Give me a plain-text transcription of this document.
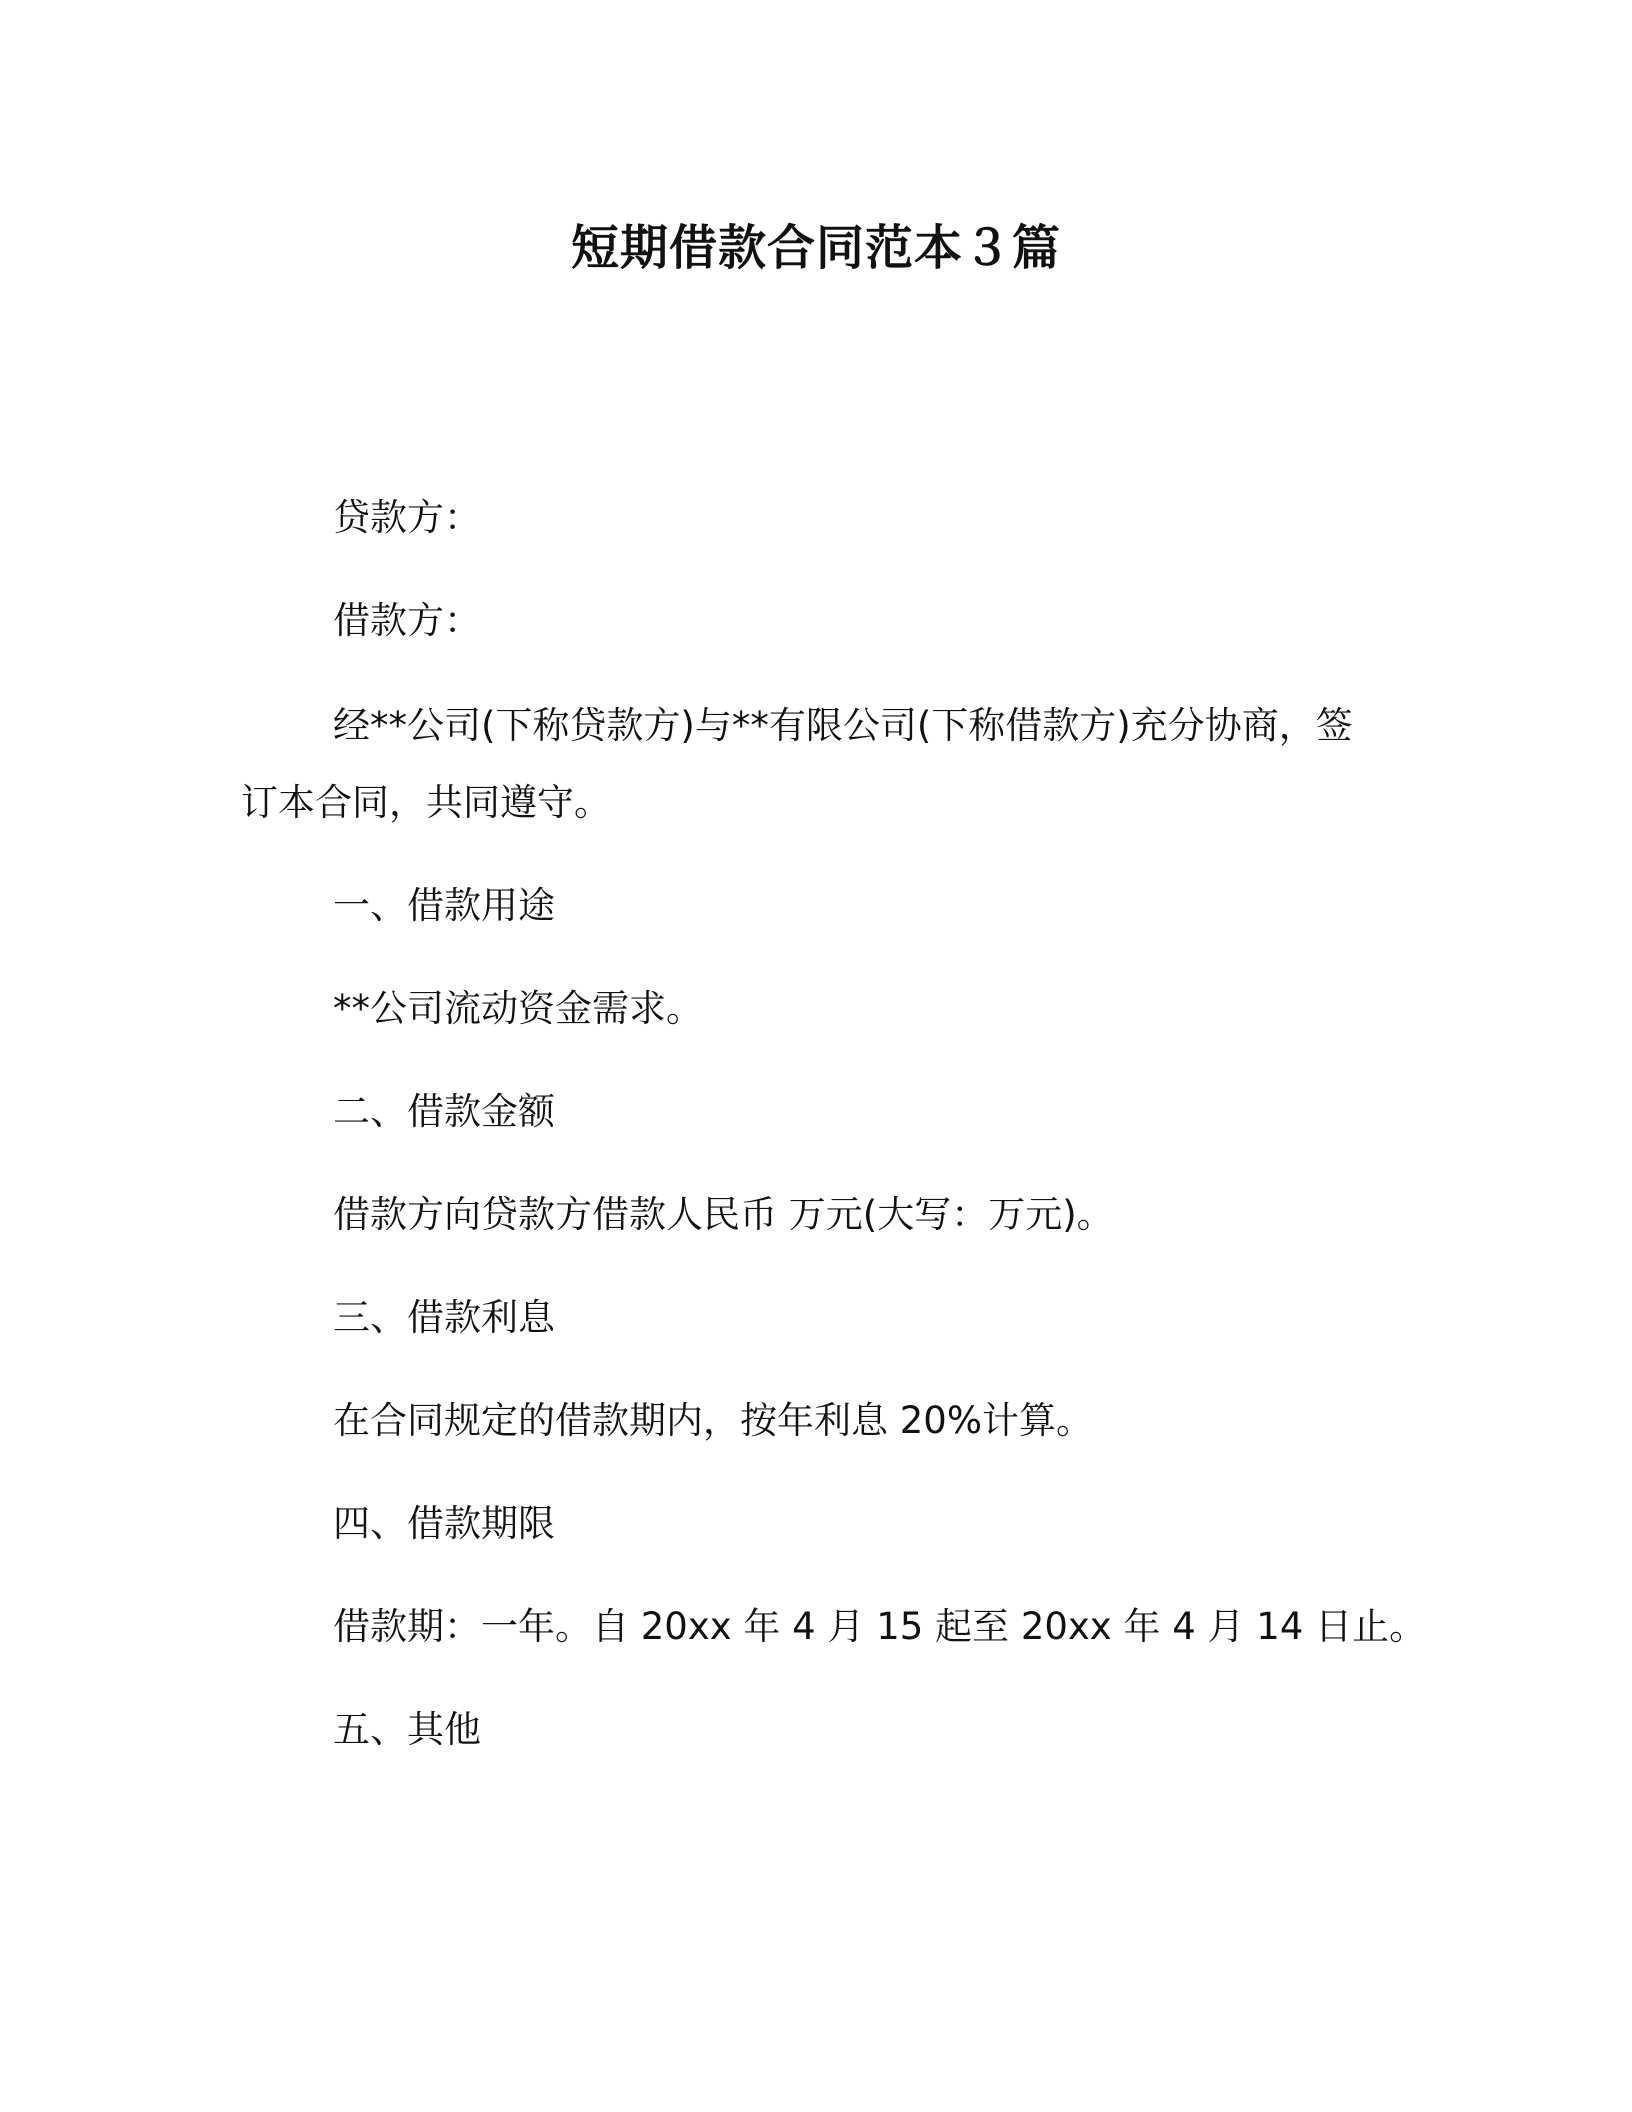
短期借款合同范本３篇
贷款方：
借款方：
经**公司(下称贷款方)与**有限公司(下称借款方)充分协商，签
订本合同，共同遵守。
一、借款用途
**公司流动资金需求。
二、借款金额
借款方向贷款方借款人民币 万元(大写：万元)。
三、借款利息
在合同规定的借款期内，按年利息 20%计算。
四、借款期限
借款期：一年。自 20xx 年 4 月 15 起至 20xx 年 4 月 14 日止。
五、其他
